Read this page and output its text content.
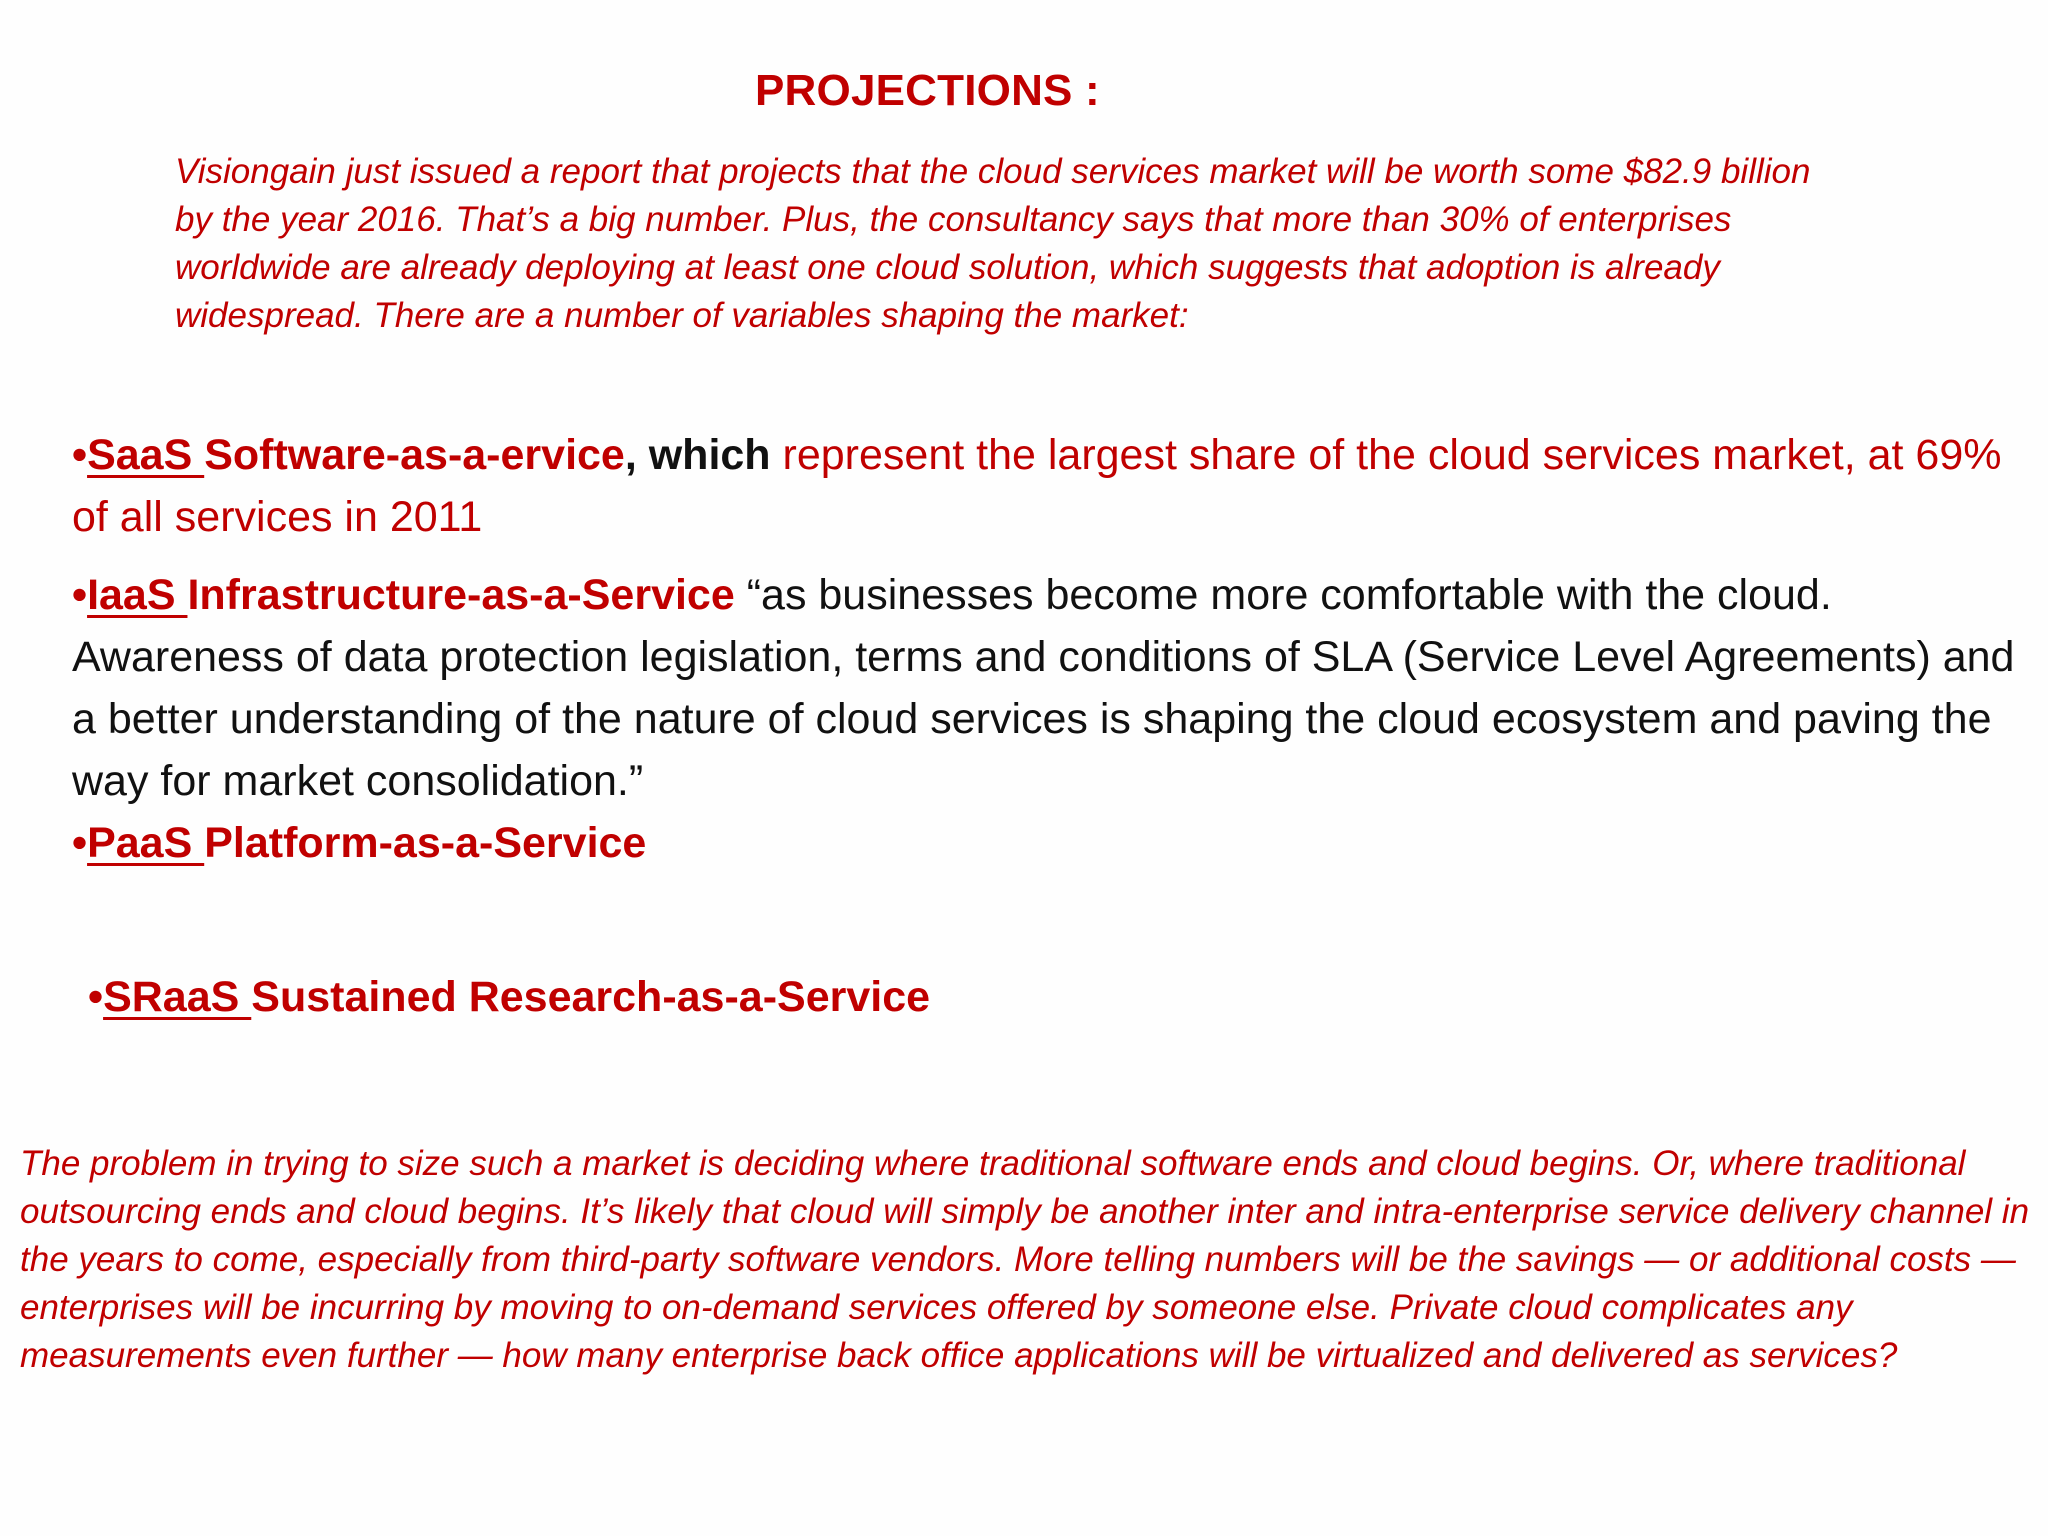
PROJECTIONS :
Visiongain just issued a report that projects that the cloud services market will be worth some $82.9 billion by the year 2016. That’s a big number. Plus, the consultancy says that more than 30% of enterprises worldwide are already deploying at least one cloud solution, which suggests that adoption is already widespread. There are a number of variables shaping the market:
•SaaS Software-as-a-ervice, which represent the largest share of the cloud services market, at 69% of all services in 2011
•IaaS Infrastructure-as-a-Service “as businesses become more comfortable with the cloud. Awareness of data protection legislation, terms and conditions of SLA (Service Level Agreements) and a better understanding of the nature of cloud services is shaping the cloud ecosystem and paving the way for market consolidation.”
•PaaS Platform-as-a-Service
•SRaaS Sustained Research-as-a-Service
The problem in trying to size such a market is deciding where traditional software ends and cloud begins. Or, where traditional outsourcing ends and cloud begins. It’s likely that cloud will simply be another inter and intra-enterprise service delivery channel in the years to come, especially from third-party software vendors. More telling numbers will be the savings — or additional costs — enterprises will be incurring by moving to on-demand services offered by someone else. Private cloud complicates any measurements even further — how many enterprise back office applications will be virtualized and delivered as services?
